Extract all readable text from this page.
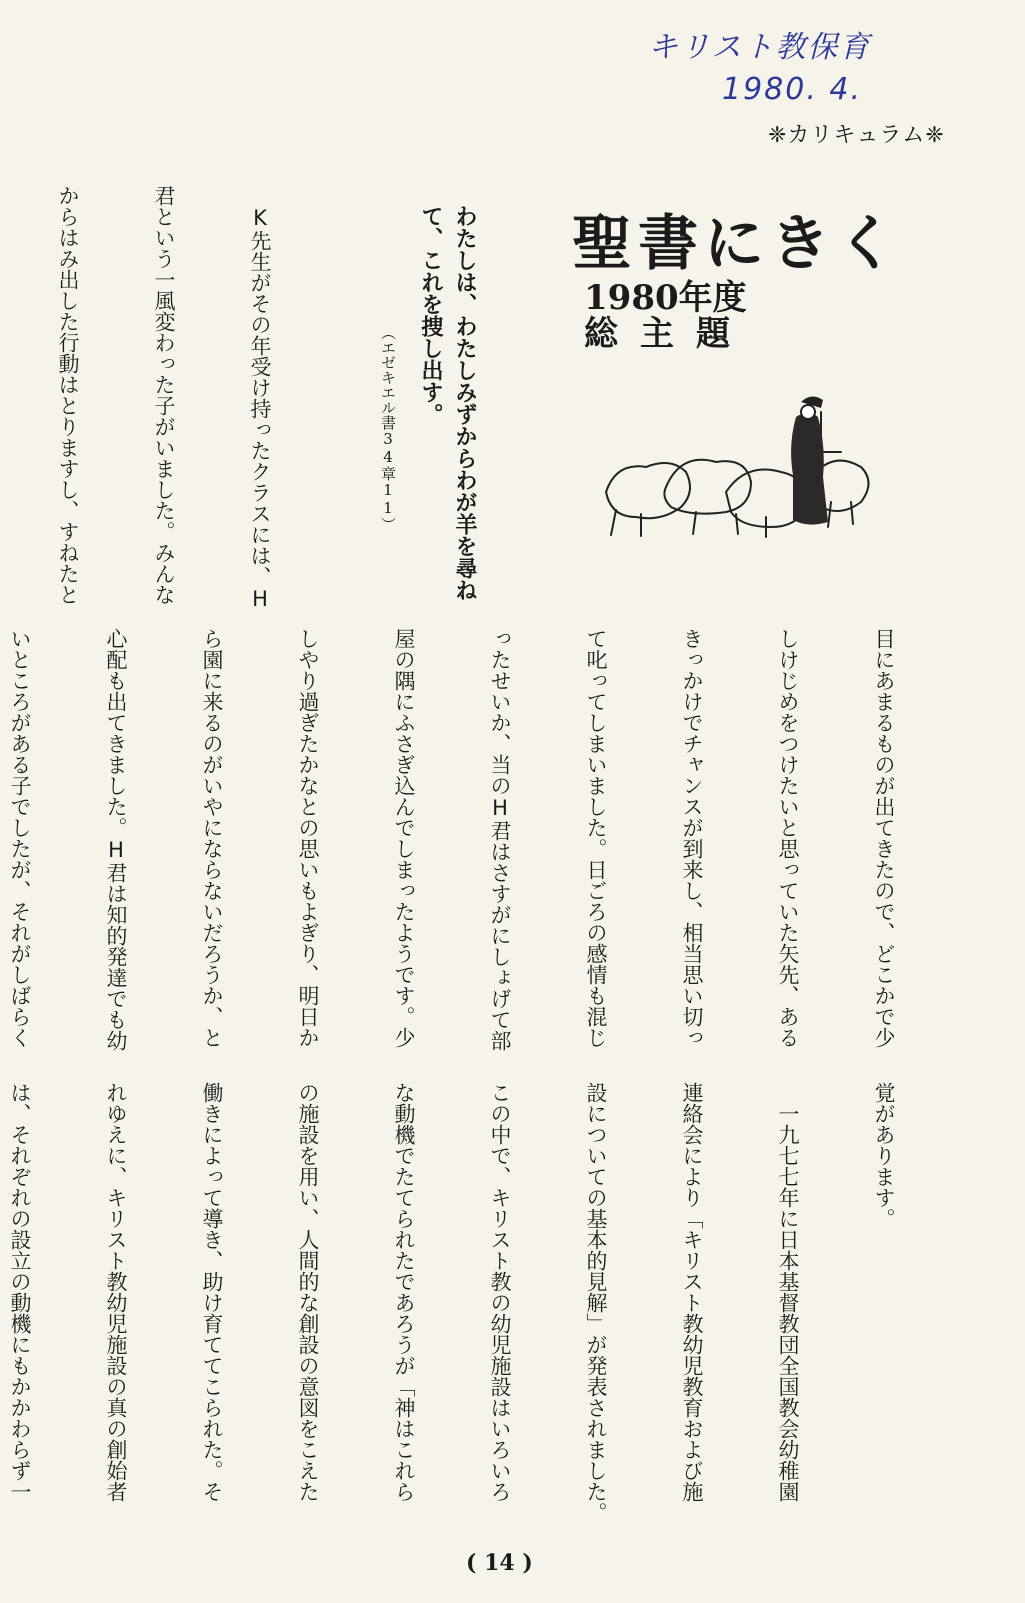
キリスト教保育
1980. 4.
❈カリキュラム❈
聖書にきく
1980年度
総主題
わたしは、わたしみずからわが羊を尋ね
て、これを捜し出す。
（エゼキエル書34章11）

　K先生がその年受け持ったクラスには、H

君という一風変わった子がいました。みんな

からはみ出した行動はとりますし、すねたと

目にあまるものが出てきたので、どこかで少

しけじめをつけたいと思っていた矢先、ある

きっかけでチャンスが到来し、相当思い切っ

て叱ってしまいました。日ごろの感情も混じ

ったせいか、当のH君はさすがにしょげて部

屋の隅にふさぎ込んでしまったようです。少

しやり過ぎたかなとの思いもよぎり、明日か

ら園に来るのがいやにならないだろうか、と

心配も出てきました。H君は知的発達でも幼

いところがある子でしたが、それがしばらく

覚があります。

　一九七七年に日本基督教団全国教会幼稚園

連絡会により「キリスト教幼児教育および施

設についての基本的見解」が発表されました。

この中で、キリスト教の幼児施設はいろいろ

な動機でたてられたであろうが「神はこれら

の施設を用い、人間的な創設の意図をこえた

働きによって導き、助け育ててこられた。そ

れゆえに、キリスト教幼児施設の真の創始者

は、それぞれの設立の動機にもかかわらず一

( 14 )
